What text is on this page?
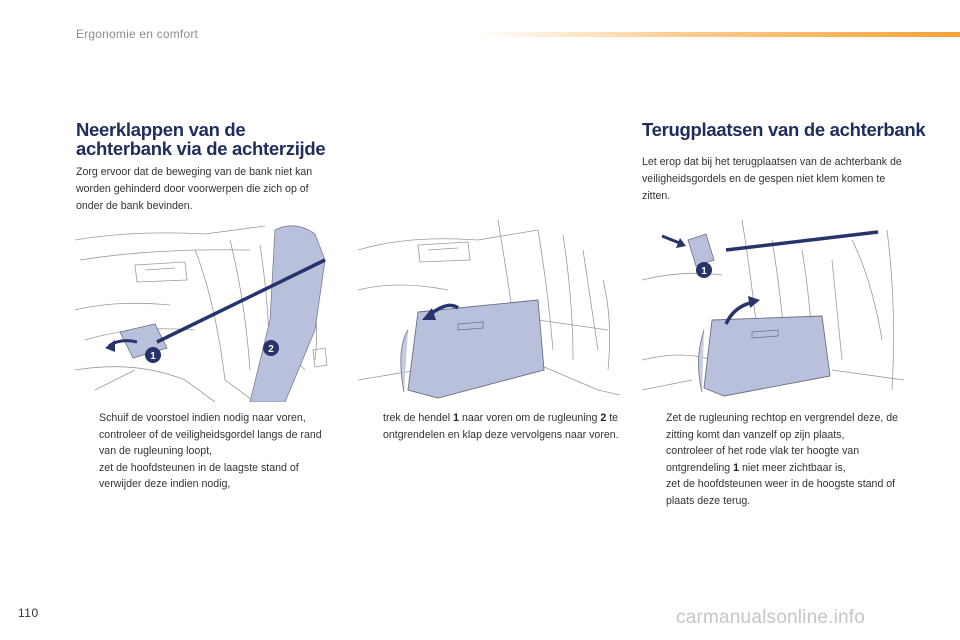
Ergonomie en comfort
Neerklappen van de
achterbank via de achterzijde

Zorg ervoor dat de beweging van de bank niet kan worden gehinderd door voorwerpen die zich op of onder de bank bevinden.

Terugplaatsen van de achterbank

Let erop dat bij het terugplaatsen van de achterbank de veiligheidsgordels en de gespen niet klem komen te zitten.

1
2
1
Schuif de voorstoel indien nodig naar voren,
controleer of de veiligheidsgordel langs de rand van de rugleuning loopt,
zet de hoofdsteunen in de laagste stand of verwijder deze indien nodig,
trek de hendel 1 naar voren om de rugleuning 2 te ontgrendelen en klap deze vervolgens naar voren.
Zet de rugleuning rechtop en vergrendel deze, de zitting komt dan vanzelf op zijn plaats,
controleer of het rode vlak ter hoogte van ontgrendeling 1 niet meer zichtbaar is,
zet de hoofdsteunen weer in de hoogste stand of plaats deze terug.
110	carmanualsonline.info
